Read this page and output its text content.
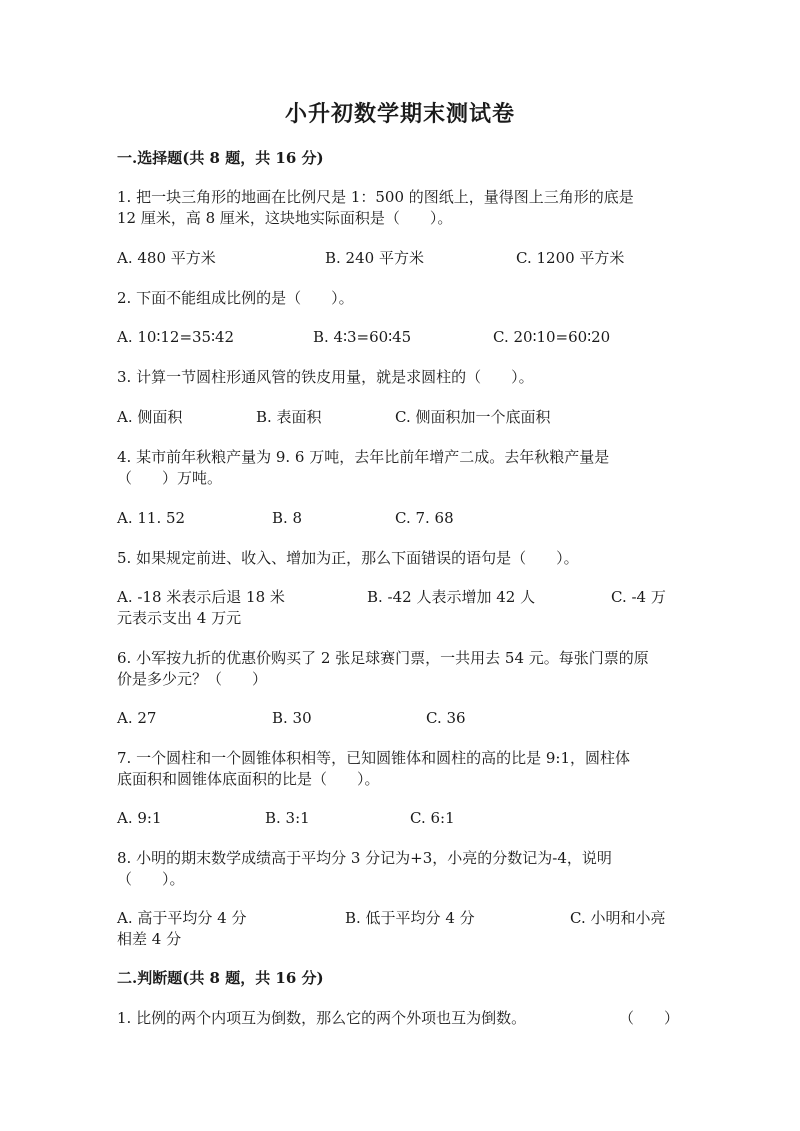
小升初数学期末测试卷
一.选择题(共 8 题，共 16 分)
1. 把一块三角形的地画在比例尺是 1：500 的图纸上，量得图上三角形的底是
12 厘米，高 8 厘米，这块地实际面积是（　　）。
A. 480 平方米	B. 240 平方米	C. 1200 平方米
2. 下面不能组成比例的是（　　）。
A. 10∶12=35∶42	B. 4∶3=60∶45	C. 20∶10=60∶20
3. 计算一节圆柱形通风管的铁皮用量，就是求圆柱的（　　）。
A. 侧面积	B. 表面积	C. 侧面积加一个底面积
4. 某市前年秋粮产量为 9. 6 万吨，去年比前年增产二成。去年秋粮产量是
（　　）万吨。
A. 11. 52	B. 8	C. 7. 68
5. 如果规定前进、收入、增加为正，那么下面错误的语句是（　　）。
A. -18 米表示后退 18 米	B. -42 人表示增加 42 人	C. -4 万
元表示支出 4 万元
6. 小军按九折的优惠价购买了 2 张足球赛门票，一共用去 54 元。每张门票的原
价是多少元？（　　）
A. 27	B. 30	C. 36
7. 一个圆柱和一个圆锥体积相等，已知圆锥体和圆柱的高的比是 9:1，圆柱体
底面积和圆锥体底面积的比是（　　）。
A. 9:1	B. 3:1	C. 6:1
8. 小明的期末数学成绩高于平均分 3 分记为+3，小亮的分数记为-4，说明
（　　）。
A. 高于平均分 4 分	B. 低于平均分 4 分	C. 小明和小亮
相差 4 分
二.判断题(共 8 题，共 16 分)
1. 比例的两个内项互为倒数，那么它的两个外项也互为倒数。	（　　）
